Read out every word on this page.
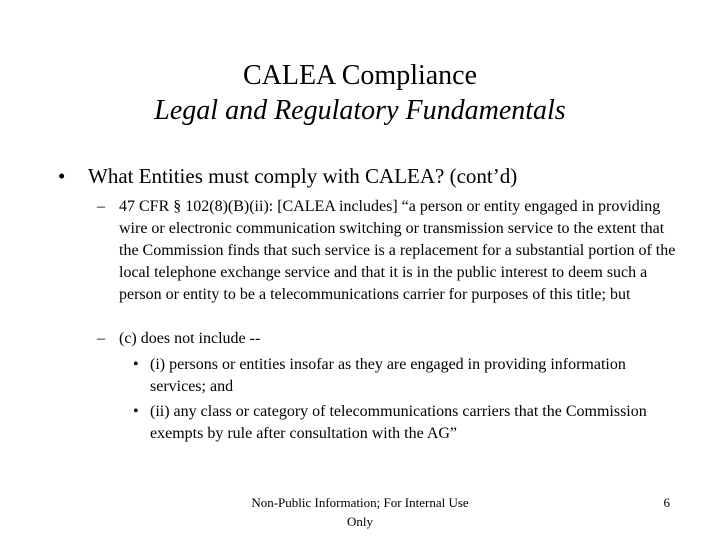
CALEA Compliance
Legal and Regulatory Fundamentals
• What Entities must comply with CALEA? (cont’d)
– 47 CFR § 102(8)(B)(ii): [CALEA includes] “a person or entity engaged in providing wire or electronic communication switching or transmission service to the extent that the Commission finds that such service is a replacement for a substantial portion of the local telephone exchange service and that it is in the public interest to deem such a person or entity to be a telecommunications carrier for purposes of this title; but
– (c) does not include --
• (i) persons or entities insofar as they are engaged in providing information services; and
• (ii) any class or category of telecommunications carriers that the Commission exempts by rule after consultation with the AG”
Non-Public Information; For Internal Use Only
6
